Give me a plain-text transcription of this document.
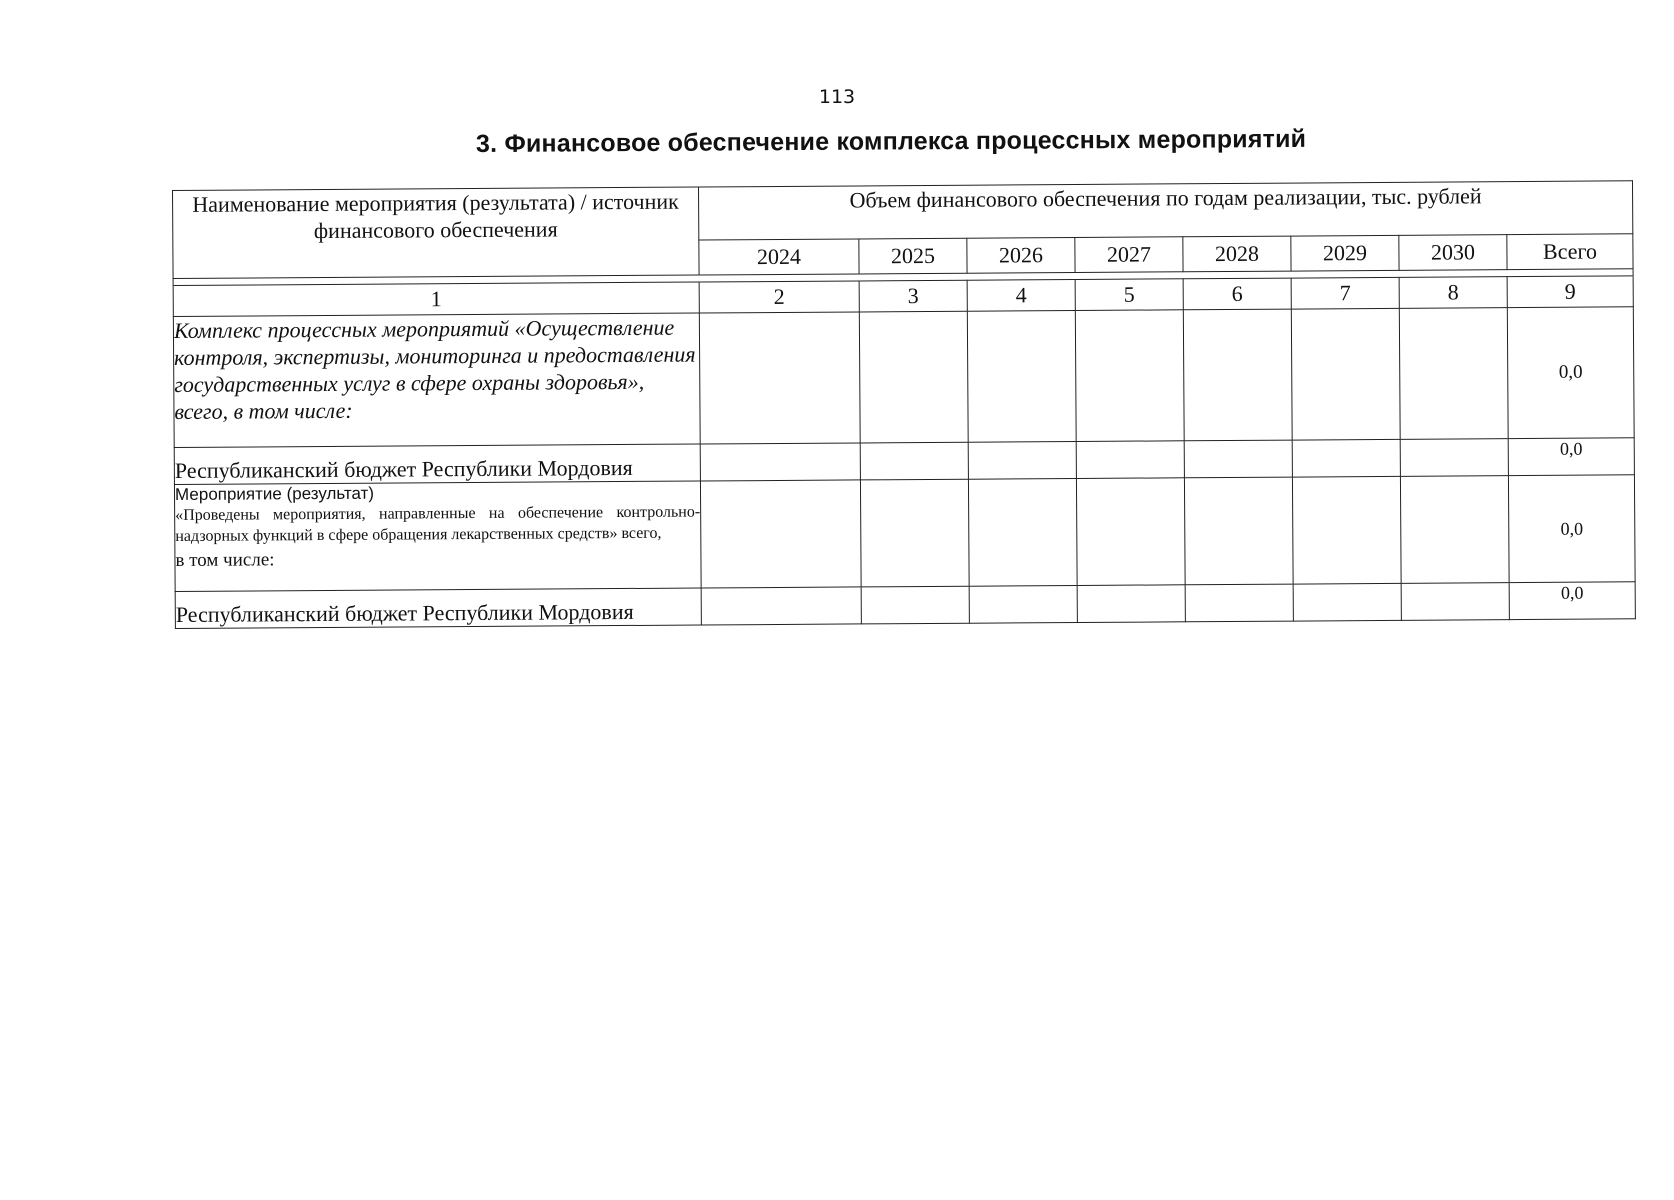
113
3. Финансовое обеспечение комплекса процессных мероприятий
Наименование мероприятия (результата) / источник финансового обеспечения	Объем финансового обеспечения по годам реализации, тыс. рублей							
	2024	2025	2026	2027	2028	2029	2030	Всего

1	2	3	4	5	6	7	8	9
Комплекс процессных мероприятий «Осуществление контроля, экспертизы, мониторинга и предоставления государственных услуг в сфере охраны здоровья», всего, в том числе:								0,0
Республиканский бюджет Республики Мордовия								0,0

Мероприятие (результат)
«Проведены мероприятия, направленные на обеспечение контрольно-надзорных функций в сфере обращения лекарственных средств» всего,
в том числе:								0,0
Республиканский бюджет Республики Мордовия								0,0
